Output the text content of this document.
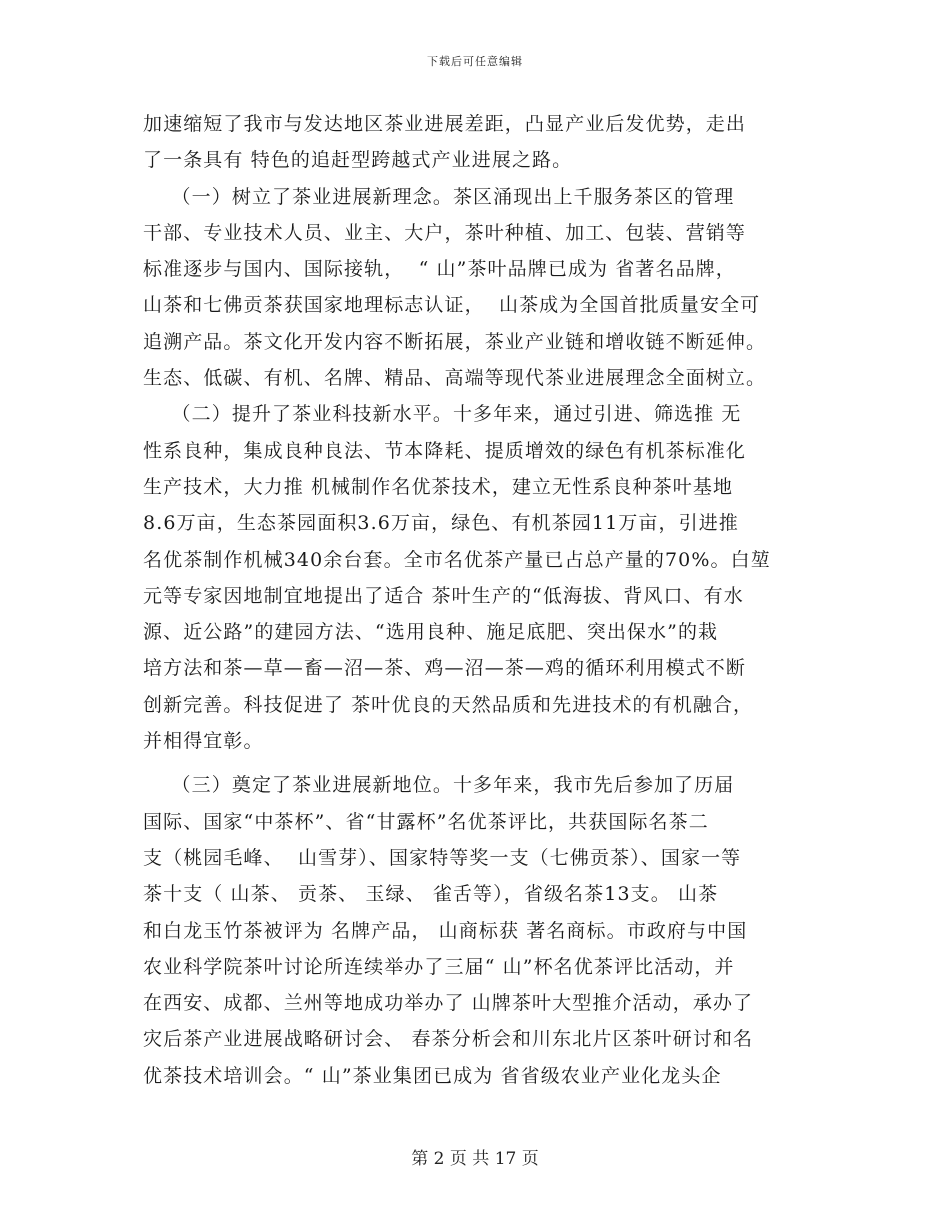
下载后可任意编辑
加速缩短了我市与发达地区茶业进展差距，凸显产业后发优势，走出
了一条具有 特色的追赶型跨越式产业进展之路。
（一）树立了茶业进展新理念。茶区涌现出上千服务茶区的管理
干部、专业技术人员、业主、大户，茶叶种植、加工、包装、营销等
标准逐步与国内、国际接轨，  “ 山”茶叶品牌已成为 省著名品牌，
山茶和七佛贡茶获国家地理标志认证，  山茶成为全国首批质量安全可
追溯产品。茶文化开发内容不断拓展，茶业产业链和增收链不断延伸。
生态、低碳、有机、名牌、精品、高端等现代茶业进展理念全面树立。
（二）提升了茶业科技新水平。十多年来，通过引进、筛选推 无
性系良种，集成良种良法、节本降耗、提质增效的绿色有机茶标准化
生产技术，大力推 机械制作名优茶技术，建立无性系良种茶叶基地
8.6万亩，生态茶园面积3.6万亩，绿色、有机茶园11万亩，引进推
名优茶制作机械340余台套。全市名优茶产量已占总产量的70%。白堃
元等专家因地制宜地提出了适合 茶叶生产的“低海拔、背风口、有水
源、近公路”的建园方法、“选用良种、施足底肥、突出保水”的栽
培方法和茶—草—畜—沼—茶、鸡—沼—茶—鸡的循环利用模式不断
创新完善。科技促进了 茶叶优良的天然品质和先进技术的有机融合，
并相得宜彰。
（三）奠定了茶业进展新地位。十多年来，我市先后参加了历届
国际、国家“中茶杯”、省“甘露杯”名优茶评比，共获国际名茶二
支（桃园毛峰、  山雪芽）、国家特等奖一支（七佛贡茶）、国家一等
茶十支（ 山茶、 贡茶、 玉绿、 雀舌等），省级名茶13支。 山茶
和白龙玉竹茶被评为 名牌产品， 山商标获 著名商标。市政府与中国
农业科学院茶叶讨论所连续举办了三届“ 山”杯名优茶评比活动，并
在西安、成都、兰州等地成功举办了 山牌茶叶大型推介活动，承办了
灾后茶产业进展战略研讨会、 春茶分析会和川东北片区茶叶研讨和名
优茶技术培训会。“ 山”茶业集团已成为 省省级农业产业化龙头企
第 2 页 共 17 页
